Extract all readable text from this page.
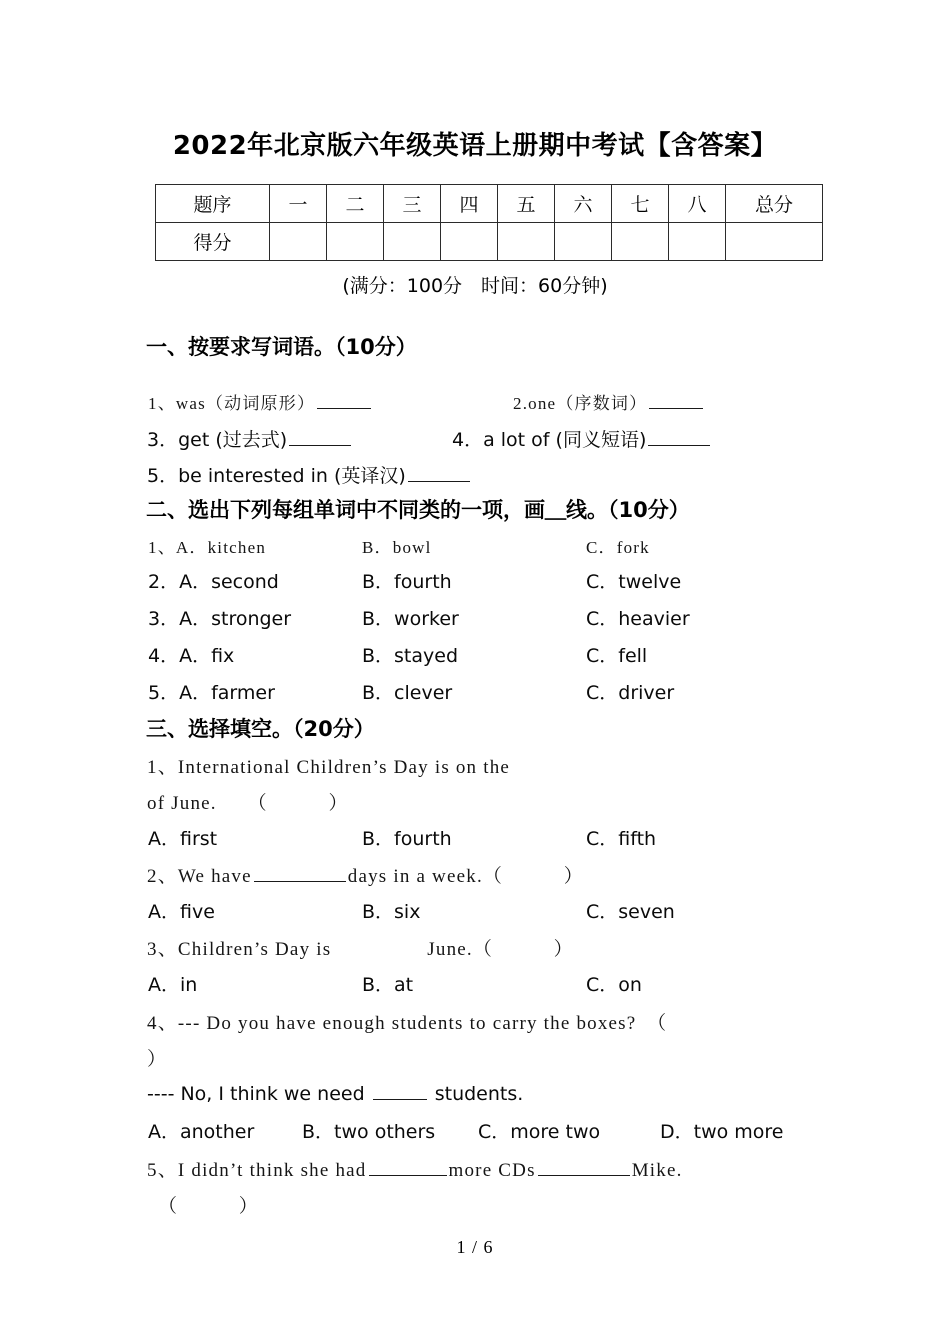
2022年北京版六年级英语上册期中考试【含答案】
题序	一	二	三	四	五	六	七	八	总分
得分									
(满分：100分　时间：60分钟)
一、按要求写词语。（10分）
1、was（动词原形）	2.one（序数词）
3．get (过去式)	4．a lot of (同义短语)
5．be interested in (英译汉)
二、选出下列每组单词中不同类的一项，画＿线。（10分）
1、A．kitchen	B．bowl	C．fork
2．A．second	B．fourth	C．twelve
3．A．stronger	B．worker	C．heavier
4．A．fix	B．stayed	C．fell
5．A．farmer	B．clever	C．driver
三、选择填空。（20分）
1、International Children’s Day is on the
of June.　　（　　　）
A．first	B．fourth	C．fifth
2、We have	days in a week.（　　　）
A．five	B．six	C．seven
3、Children’s Day is	June.（　　　）
A．in	B．at	C．on
4、--- Do you have enough students to carry the boxes?　（
）
---- No, I think we need	students.
A．another	B．two others C．more two	D．two more
5、I didn’t think she had	more CDs	Mike.
（　　　）
1 / 6
